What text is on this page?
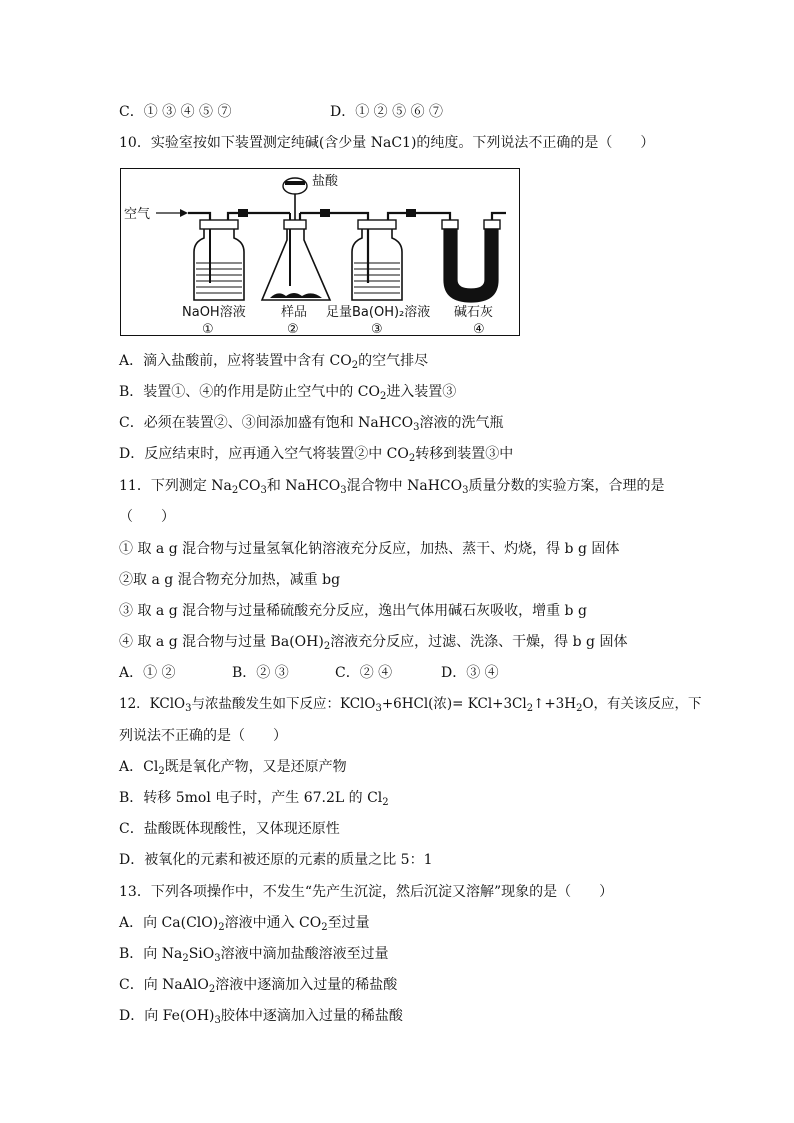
C．① ③ ④ ⑤ ⑦	D．① ② ⑤ ⑥ ⑦
10．实验室按如下装置测定纯碱(含少量 NaC1)的纯度。下列说法不正确的是（　　）
空气
盐酸
NaOH溶液	样品 足量Ba(OH)₂溶液 碱石灰
①	②	③	④
A．滴入盐酸前，应将装置中含有 $CO_2$的空气排尽
B．装置①、④的作用是防止空气中的 $CO_2$进入装置③
C．必须在装置②、③间添加盛有饱和 NaHCO$_3$溶液的洗气瓶
D．反应结束时，应再通入空气将装置②中 $CO_2$转移到装置③中
11．下列测定 $Na_2CO_3$和 NaHCO$_3$混合物中 NaHCO$_3$质量分数的实验方案，合理的是
（　　）
① 取 a g 混合物与过量氢氧化钠溶液充分反应，加热、蒸干、灼烧，得 b g 固体
②取 a g 混合物充分加热，减重 bg
③ 取 a g 混合物与过量稀硫酸充分反应，逸出气体用碱石灰吸收，增重 b g
④ 取 a g 混合物与过量 $Ba(OH)_2$溶液充分反应，过滤、洗涤、干燥，得 b g 固体
A．① ②	B．② ③	C．② ④	D．③ ④
12．KClO$_3$与浓盐酸发生如下反应：KClO$_3$+6HCl(浓)= $KCl+3Cl_2↑+3H_2O$，有关该反应，下
列说法不正确的是（　　）
A．$Cl_2$既是氧化产物，又是还原产物
B．转移 5mol 电子时，产生 67.2L 的 $Cl_2$
C．盐酸既体现酸性，又体现还原性
D．被氧化的元素和被还原的元素的质量之比 5：1
13．下列各项操作中，不发生“先产生沉淀，然后沉淀又溶解”现象的是（　　）
A．向 $Ca(ClO)_2$溶液中通入 $CO_2$至过量
B．向 $Na_2SiO_3$溶液中滴加盐酸溶液至过量
C．向 NaAlO$_2$溶液中逐滴加入过量的稀盐酸
D．向 $Fe(OH)_3$胶体中逐滴加入过量的稀盐酸
